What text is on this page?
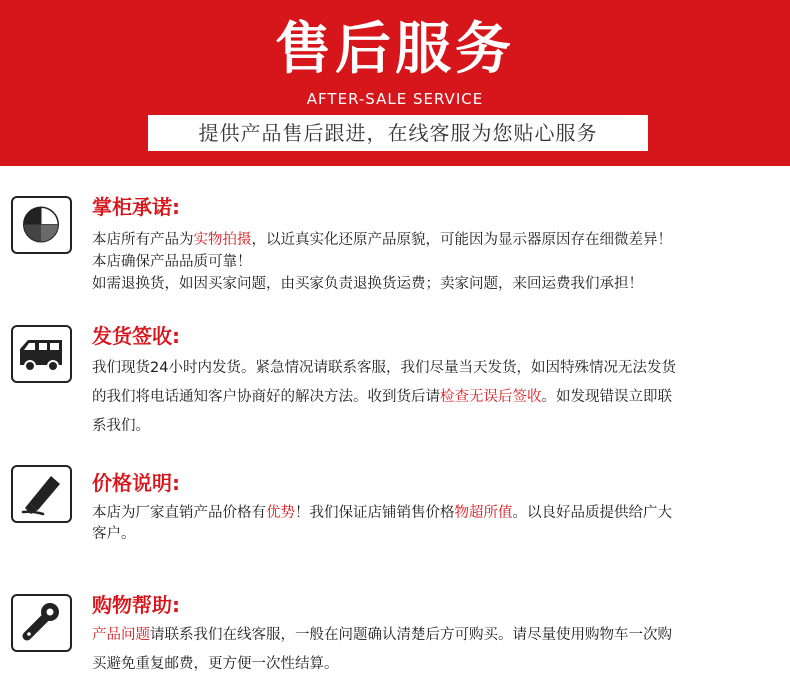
售后服务
AFTER-SALE SERVICE
提供产品售后跟进，在线客服为您贴心服务
掌柜承诺:
本店所有产品为实物拍摄，以近真实化还原产品原貌，可能因为显示器原因存在细微差异！
本店确保产品品质可靠！
如需退换货，如因买家问题，由买家负责退换货运费；卖家问题，来回运费我们承担！
发货签收:
我们现货24小时内发货。紧急情况请联系客服，我们尽量当天发货，如因特殊情况无法发货
的我们将电话通知客户协商好的解决方法。收到货后请检查无误后签收。如发现错误立即联
系我们。
价格说明:
本店为厂家直销产品价格有优势！我们保证店铺销售价格物超所值。以良好品质提供给广大
客户。
购物帮助:
产品问题请联系我们在线客服，一般在问题确认清楚后方可购买。请尽量使用购物车一次购
买避免重复邮费，更方便一次性结算。
